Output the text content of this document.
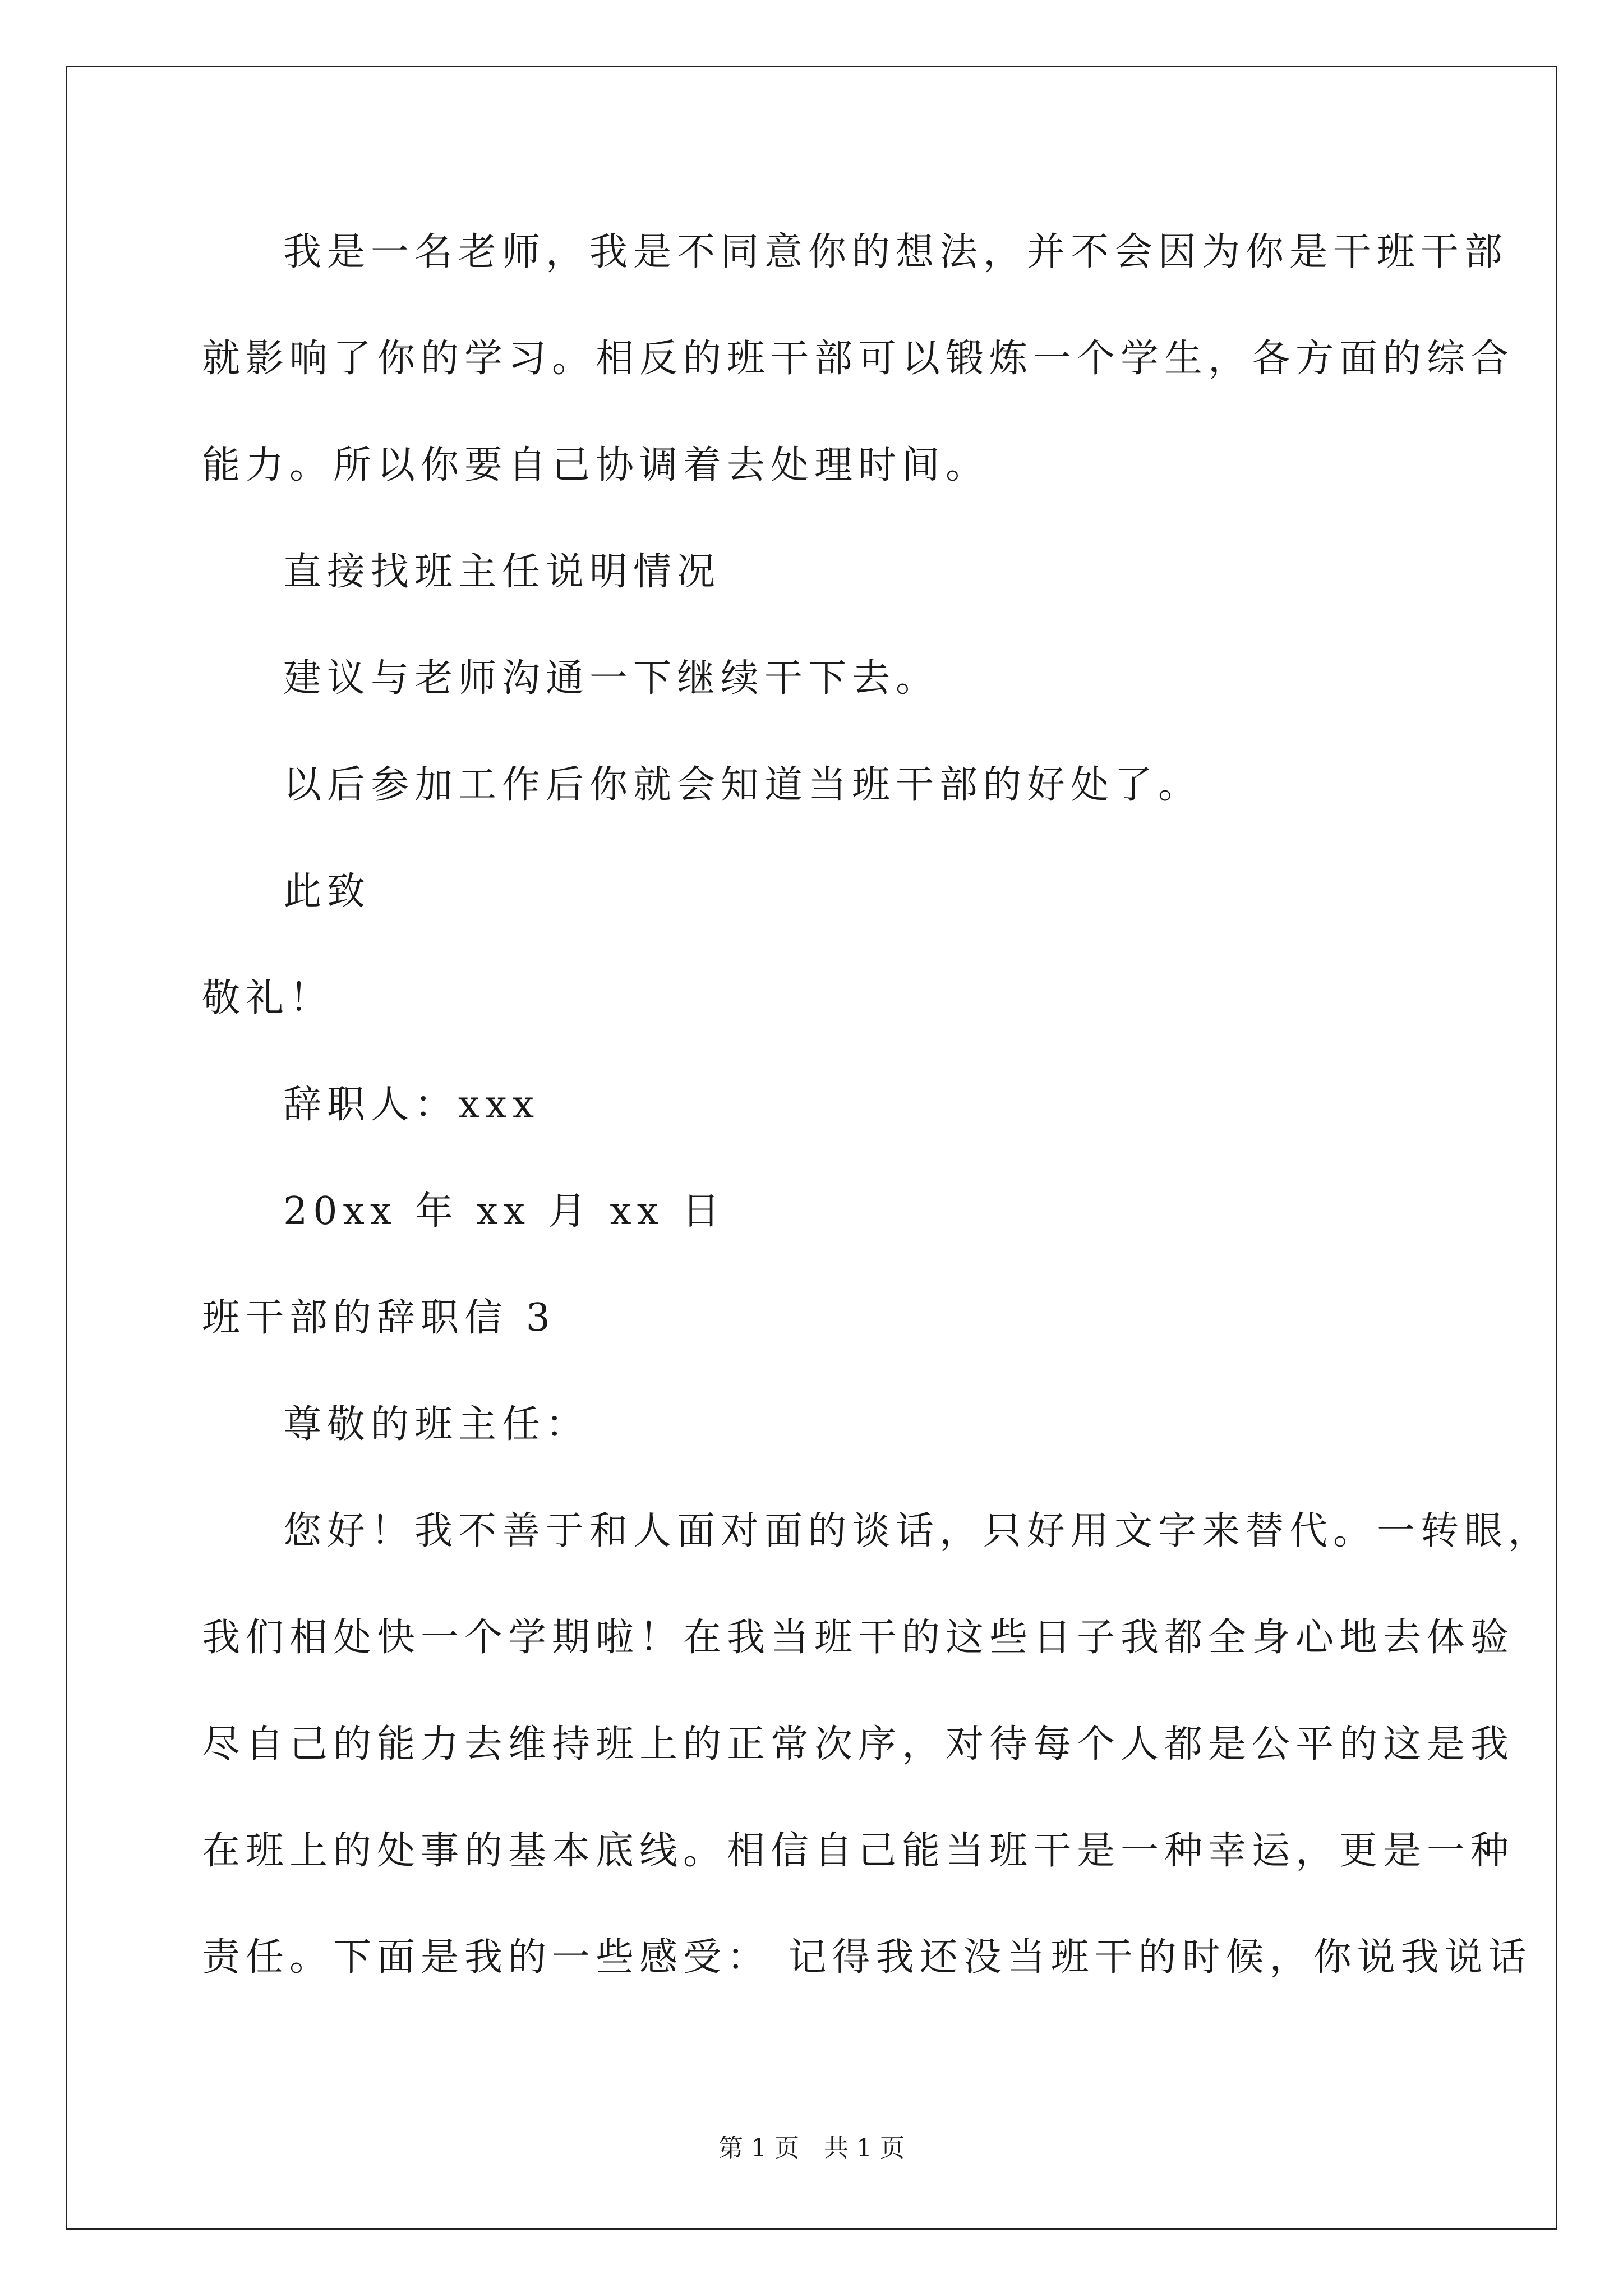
我是一名老师，我是不同意你的想法，并不会因为你是干班干部
就影响了你的学习。相反的班干部可以锻炼一个学生，各方面的综合
能力。所以你要自己协调着去处理时间。
直接找班主任说明情况
建议与老师沟通一下继续干下去。
以后参加工作后你就会知道当班干部的好处了。
此致
敬礼！
辞职人：xxx
20xx 年 xx 月 xx 日
班干部的辞职信 3
尊敬的班主任：
您好！我不善于和人面对面的谈话，只好用文字来替代。一转眼，
我们相处快一个学期啦！在我当班干的这些日子我都全身心地去体验
尽自己的能力去维持班上的正常次序，对待每个人都是公平的这是我
在班上的处事的基本底线。相信自己能当班干是一种幸运，更是一种
责任。下面是我的一些感受： 记得我还没当班干的时候，你说我说话
第 1 页　共 1 页
